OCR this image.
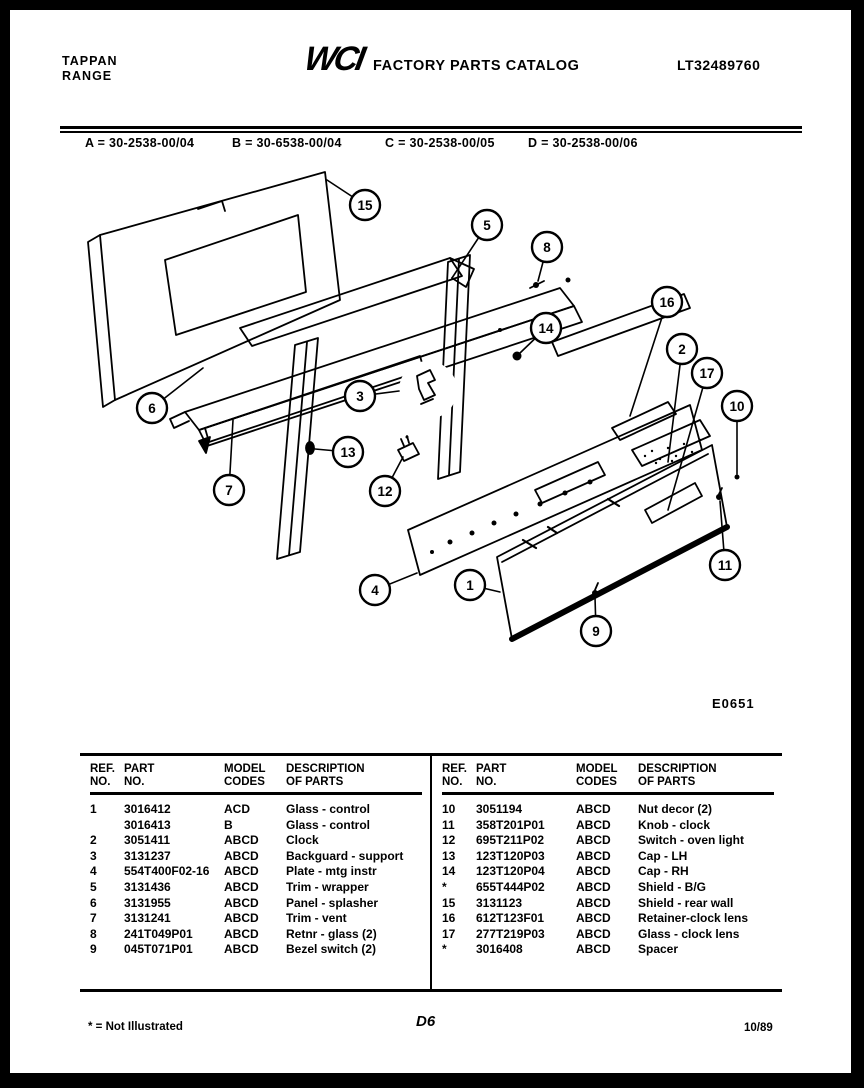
TAPPAN
RANGE	WCI FACTORY PARTS CATALOG	LT32489760
A = 30-2538-00/04	B = 30-6538-00/04	C = 30-2538-00/05	D = 30-2538-00/06
15
5
8
16
14
2
17
10
6
3
13
7	12
11
4	1
9
E0651
REF.
NO.

PART
NO.

MODEL
CODES

DESCRIPTION
OF PARTS

1	3016412	ACD	Glass - control
	3016413	B	Glass - control
2	3051411	ABCD	Clock
3	3131237	ABCD	Backguard - support
4	554T400F02-16	ABCD	Plate - mtg instr
5	3131436	ABCD	Trim - wrapper
6	3131955	ABCD	Panel - splasher
7	3131241	ABCD	Trim - vent
8	241T049P01	ABCD	Retnr - glass (2)
9	045T071P01	ABCD	Bezel switch (2)
REF.
NO.

PART
NO.

MODEL
CODES

DESCRIPTION
OF PARTS

10	3051194	ABCD	Nut decor (2)
11	358T201P01	ABCD	Knob - clock
12	695T211P02	ABCD	Switch - oven light
13	123T120P03	ABCD	Cap - LH
14	123T120P04	ABCD	Cap - RH
*	655T444P02	ABCD	Shield - B/G
15	3131123	ABCD	Shield - rear wall
16	612T123F01	ABCD	Retainer-clock lens
17	277T219P03	ABCD	Glass - clock lens
*	3016408	ABCD	Spacer
* = Not Illustrated	D6	10/89
